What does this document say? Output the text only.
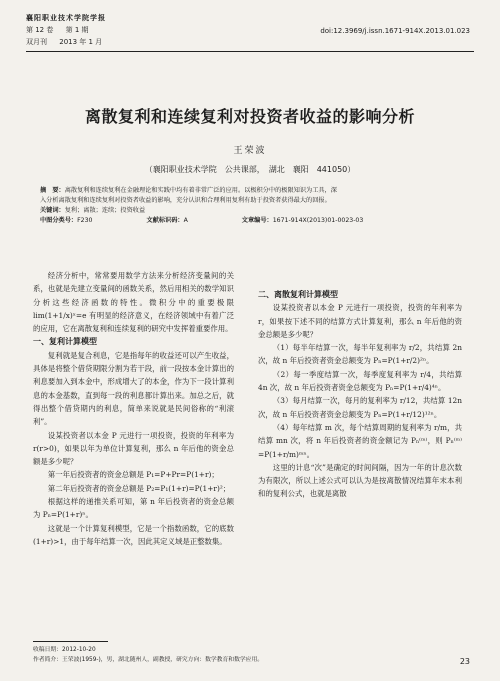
襄阳职业技术学院学报
第 12 卷 第 1 期
双月刊 2013 年 1 月
doi:12.3969/j.issn.1671-914X.2013.01.023
离散复利和连续复利对投资者收益的影响分析
王荣波
（襄阳职业技术学院　公共课部，　湖北　襄阳　441050）

摘　要：离散复利和连续复利在金融理论和实践中均有着非常广泛的应用。以极积分中的极限知识为工具，深

入分析离散复利和连续复利对投资者收益的影响，充分认识和合理利用复利有助于投资者获得最大的回报。

关键词：复利；离散；连续；投资收益

中图分类号：F230	文献标识码：A	文章编号：1671-914X(2013)01-0023-03

经济分析中，常常要用数学方法来分析经济变量间的关系，也就是先建立变量间的函数关系，然后用相关的数学知识分析这些经济函数的特性。微积分中的重要极限lim(1+1/x)ˣ=e 有明显的经济意义，在经济领域中有着广泛的应用，它在离散复利和连续复利的研究中发挥着重要作用。

一、复利计算模型

复利就是复合利息，它是指每年的收益还可以产生收益，具体是将整个借贷期限分割为若干段，前一段按本金计算出的利息要加入到本金中，形成增大了的本金，作为下一段计算利息的本金基数，直到每一段的利息都计算出来。加总之后，就得出整个借贷期内的利息，简单来说就是民间俗称的“利滚利”。

设某投资者以本金 P 元进行一项投资，投资的年利率为 r(r>0)，如果以年为单位计算复利，那么 n 年后他的资金总额是多少呢？

第一年后投资者的资金总额是 P₁=P+Pr=P(1+r)；

第二年后投资者的资金总额是 P₂=P₁(1+r)=P(1+r)²；

根据这样的递推关系可知，第 n 年后投资者的资金总额为 Pₙ=P(1+r)ⁿ。

这就是一个计算复利模型，它是一个指数函数，它的底数(1+r)>1，由于每年结算一次，因此其定义域是正整数集。

二、离散复利计算模型

设某投资者以本金 P 元进行一项投资，投资的年利率为 r，如果按下述不同的结算方式计算复利，那么 n 年后他的资金总额是多少呢？

（1）每半年结算一次，每半年复利率为 r/2，共结算 2n 次，故 n 年后投资者资金总额变为 Pₙ=P(1+r/2)²ⁿ。

（2）每一季度结算一次，每季度复利率为 r/4，共结算 4n 次，故 n 年后投资者资金总额变为 Pₙ=P(1+r/4)⁴ⁿ。

（3）每月结算一次，每月的复利率为 r/12，共结算 12n 次，故 n 年后投资者资金总额变为 Pₙ=P(1+r/12)¹²ⁿ。

（4）每年结算 m 次，每个结算周期的复利率为 r/m，共结算 mn 次，将 n 年后投资者的资金额记为 Pₙ⁽ᵐ⁾，则 Pₙ⁽ᵐ⁾=P(1+r/m)ᵐⁿ。

这里的计息“次”是确定的时间间隔，因为一年的计息次数为有限次，所以上述公式可以认为是按离散情况结算年末本利和的复利公式，也就是离散

收稿日期：2012-10-20
作者简介：王荣波(1959-)，男，湖北随州人，副教授，研究方向：数学教育和数学应用。	23
